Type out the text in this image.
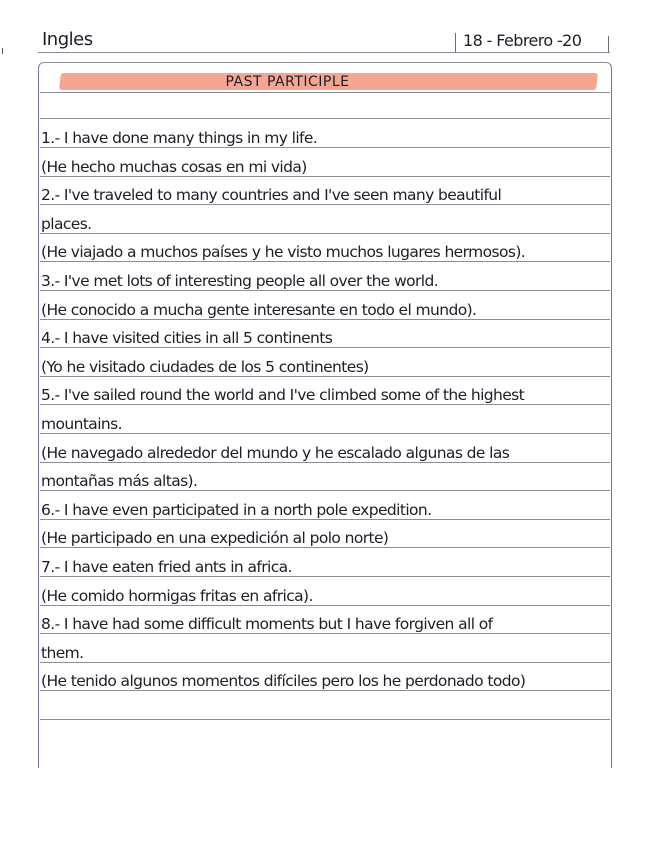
Ingles	18 - Febrero -20
PAST PARTICIPLE
1.- I have done many things in my life.
(He hecho muchas cosas en mi vida)
2.- I've traveled to many countries and I've seen many beautiful
places.
(He viajado a muchos países y he visto muchos lugares hermosos).
3.- I've met lots of interesting people all over the world.
(He conocido a mucha gente interesante en todo el mundo).
4.- I have visited cities in all 5 continents
(Yo he visitado ciudades de los 5 continentes)
5.- I've sailed round the world and I've climbed some of the highest
mountains.
(He navegado alrededor del mundo y he escalado algunas de las
montañas más altas).
6.- I have even participated in a north pole expedition.
(He participado en una expedición al polo norte)
7.- I have eaten fried ants in africa.
(He comido hormigas fritas en africa).
8.- I have had some difficult moments but I have forgiven all of
them.
(He tenido algunos momentos difíciles pero los he perdonado todo)
